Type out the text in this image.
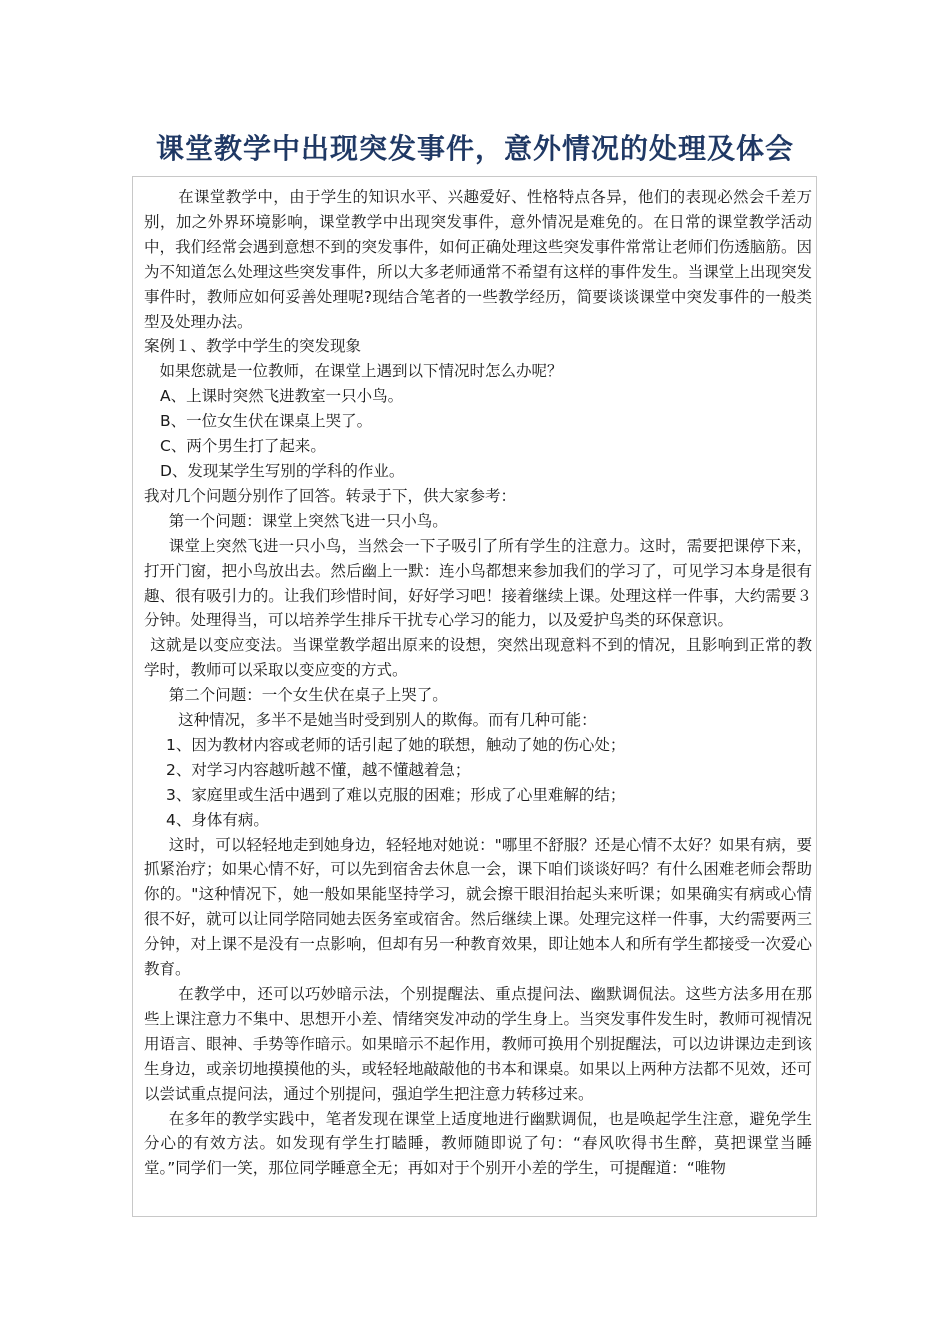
课堂教学中出现突发事件，意外情况的处理及体会

在课堂教学中，由于学生的知识水平、兴趣爱好、性格特点各异，他们的表现必然会千差万别，加之外界环境影响，课堂教学中出现突发事件，意外情况是难免的。在日常的课堂教学活动中，我们经常会遇到意想不到的突发事件，如何正确处理这些突发事件常常让老师们伤透脑筋。因为不知道怎么处理这些突发事件，所以大多老师通常不希望有这样的事件发生。当课堂上出现突发事件时，教师应如何妥善处理呢?现结合笔者的一些教学经历，简要谈谈课堂中突发事件的一般类型及处理办法。

案例１、教学中学生的突发现象

如果您就是一位教师，在课堂上遇到以下情况时怎么办呢？

A、上课时突然飞进教室一只小鸟。

B、一位女生伏在课桌上哭了。

C、两个男生打了起来。

D、发现某学生写别的学科的作业。

我对几个问题分别作了回答。转录于下，供大家参考：

第一个问题：课堂上突然飞进一只小鸟。

课堂上突然飞进一只小鸟，当然会一下子吸引了所有学生的注意力。这时，需要把课停下来，打开门窗，把小鸟放出去。然后幽上一默：连小鸟都想来参加我们的学习了，可见学习本身是很有趣、很有吸引力的。让我们珍惜时间，好好学习吧！接着继续上课。处理这样一件事，大约需要３分钟。处理得当，可以培养学生排斥干扰专心学习的能力，以及爱护鸟类的环保意识。

这就是以变应变法。当课堂教学超出原来的设想，突然出现意料不到的情况，且影响到正常的教学时，教师可以采取以变应变的方式。

第二个问题：一个女生伏在桌子上哭了。

这种情况，多半不是她当时受到别人的欺侮。而有几种可能：

1、因为教材内容或老师的话引起了她的联想，触动了她的伤心处；

2、对学习内容越听越不懂，越不懂越着急；

3、家庭里或生活中遇到了难以克服的困难；形成了心里难解的结；

4、身体有病。

这时，可以轻轻地走到她身边，轻轻地对她说："哪里不舒服？还是心情不太好？如果有病，要抓紧治疗；如果心情不好，可以先到宿舍去休息一会，课下咱们谈谈好吗？有什么困难老师会帮助你的。"这种情况下，她一般如果能坚持学习，就会擦干眼泪抬起头来听课；如果确实有病或心情很不好，就可以让同学陪同她去医务室或宿舍。然后继续上课。处理完这样一件事，大约需要两三分钟，对上课不是没有一点影响，但却有另一种教育效果，即让她本人和所有学生都接受一次爱心教育。

在教学中，还可以巧妙暗示法，个别提醒法、重点提问法、幽默调侃法。这些方法多用在那些上课注意力不集中、思想开小差、情绪突发冲动的学生身上。当突发事件发生时，教师可视情况用语言、眼神、手势等作暗示。如果暗示不起作用，教师可换用个别捉醒法，可以边讲课边走到该生身边，或亲切地摸摸他的头，或轻轻地敲敲他的书本和课桌。如果以上两种方法都不见效，还可以尝试重点提问法，通过个别提问，强迫学生把注意力转移过来。

在多年的教学实践中，笔者发现在课堂上适度地进行幽默调侃，也是唤起学生注意，避免学生分心的有效方法。如发现有学生打瞌睡，教师随即说了句：“春风吹得书生醉，莫把课堂当睡堂。”同学们一笑，那位同学睡意全无；再如对于个别开小差的学生，可提醒道：“唯物
